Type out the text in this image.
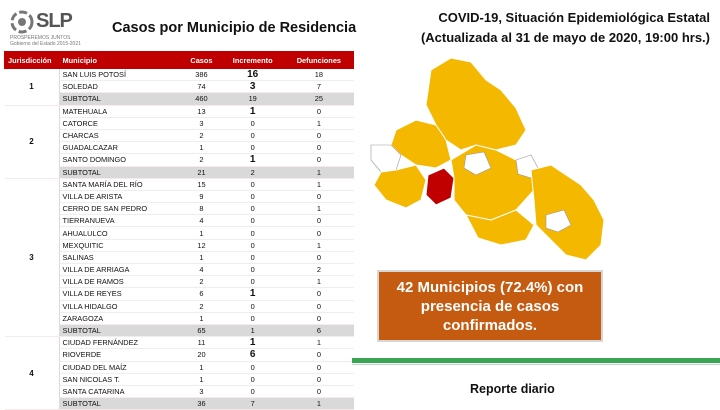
SLP
PROSPEREMOS JUNTOS
Gobierno del Estado 2015-2021
Casos por Municipio de Residencia
COVID-19, Situación Epidemiológica Estatal
(Actualizada al 31 de mayo de 2020, 19:00 hrs.)
Jurisdicción	Municipio	Casos	Incremento	Defunciones
1	SAN LUIS POTOSÍ	386	16	18
	SOLEDAD	74	3	7
	SUBTOTAL	460	19	25
2	MATEHUALA	13	1	0
	CATORCE	3	0	1
	CHARCAS	2	0	0
	GUADALCAZAR	1	0	0
	SANTO DOMINGO	2	1	0
	SUBTOTAL	21	2	1
3	SANTA MARÍA DEL RÍO	15	0	1
	VILLA DE ARISTA	9	0	0
	CERRO DE SAN PEDRO	8	0	1
	TIERRANUEVA	4	0	0
	AHUALULCO	1	0	0
	MEXQUITIC	12	0	1
	SALINAS	1	0	0
	VILLA DE ARRIAGA	4	0	2
	VILLA DE RAMOS	2	0	1
	VILLA DE REYES	6	1	0
	VILLA HIDALGO	2	0	0
	ZARAGOZA	1	0	0
	SUBTOTAL	65	1	6
4	CIUDAD FERNÁNDEZ	11	1	1
	RIOVERDE	20	6	0
	CIUDAD DEL MAÍZ	1	0	0
	SAN NICOLAS T.	1	0	0
	SANTA CATARINA	3	0	0
	SUBTOTAL	36	7	1
42 Municipios (72.4%) con
presencia de casos
confirmados.
Reporte diario
